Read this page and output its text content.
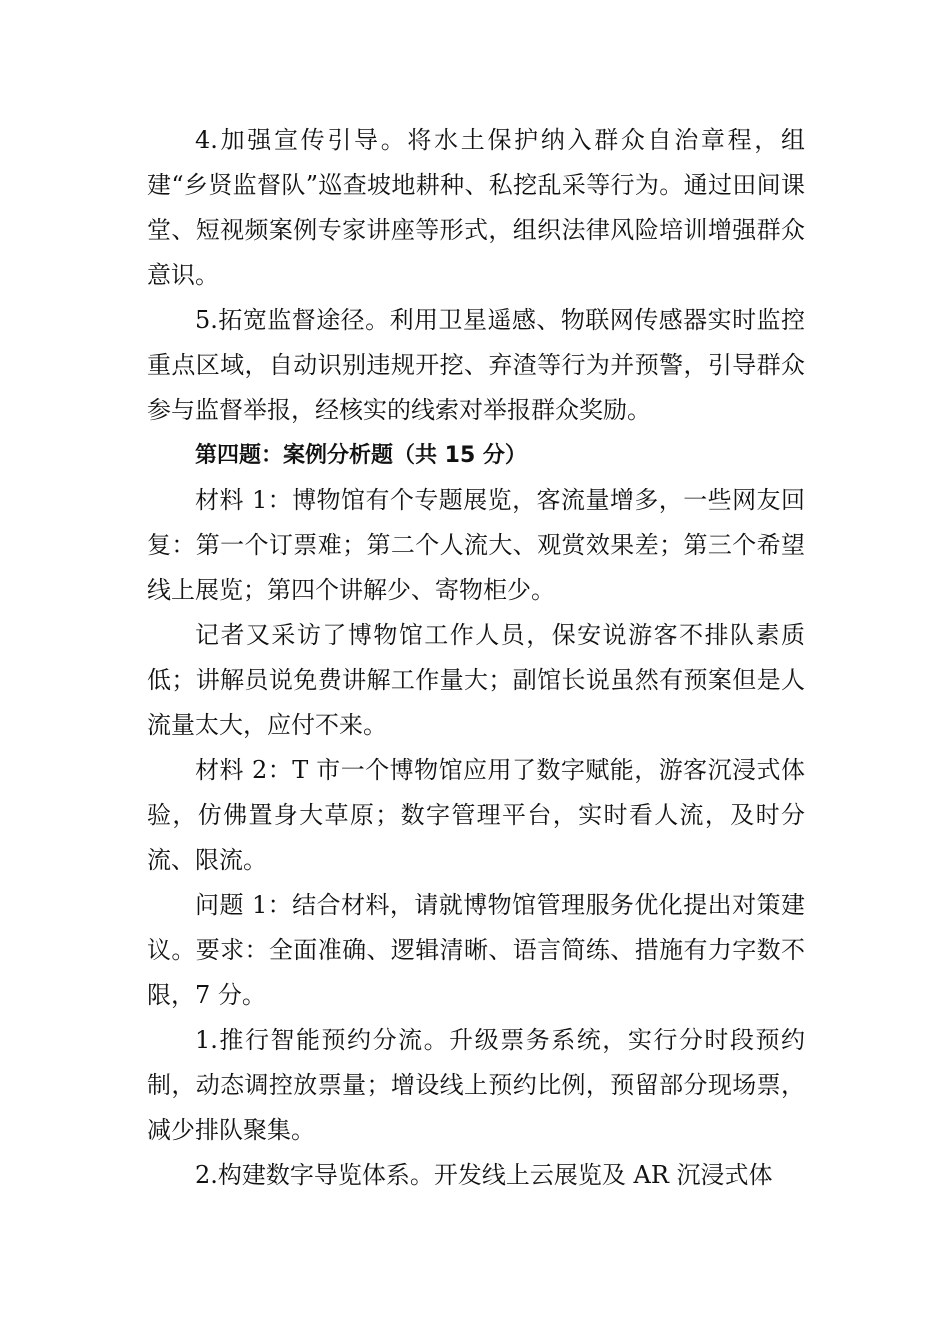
4.加强宣传引导。将水土保护纳入群众自治章程，组建“乡贤监督队”巡查坡地耕种、私挖乱采等行为。通过田间课堂、短视频案例专家讲座等形式，组织法律风险培训增强群众意识。

5.拓宽监督途径。利用卫星遥感、物联网传感器实时监控重点区域，自动识别违规开挖、弃渣等行为并预警，引导群众参与监督举报，经核实的线索对举报群众奖励。

第四题：案例分析题（共 15 分）

材料 1：博物馆有个专题展览，客流量增多，一些网友回复：第一个订票难；第二个人流大、观赏效果差；第三个希望线上展览；第四个讲解少、寄物柜少。

记者又采访了博物馆工作人员，保安说游客不排队素质低；讲解员说免费讲解工作量大；副馆长说虽然有预案但是人流量太大，应付不来。

材料 2：T 市一个博物馆应用了数字赋能，游客沉浸式体验，仿佛置身大草原；数字管理平台，实时看人流，及时分流、限流。

问题 1：结合材料，请就博物馆管理服务优化提出对策建议。要求：全面准确、逻辑清晰、语言简练、措施有力字数不限，7 分。

1.推行智能预约分流。升级票务系统，实行分时段预约制，动态调控放票量；增设线上预约比例，预留部分现场票，减少排队聚集。

2.构建数字导览体系。开发线上云展览及 AR 沉浸式体
